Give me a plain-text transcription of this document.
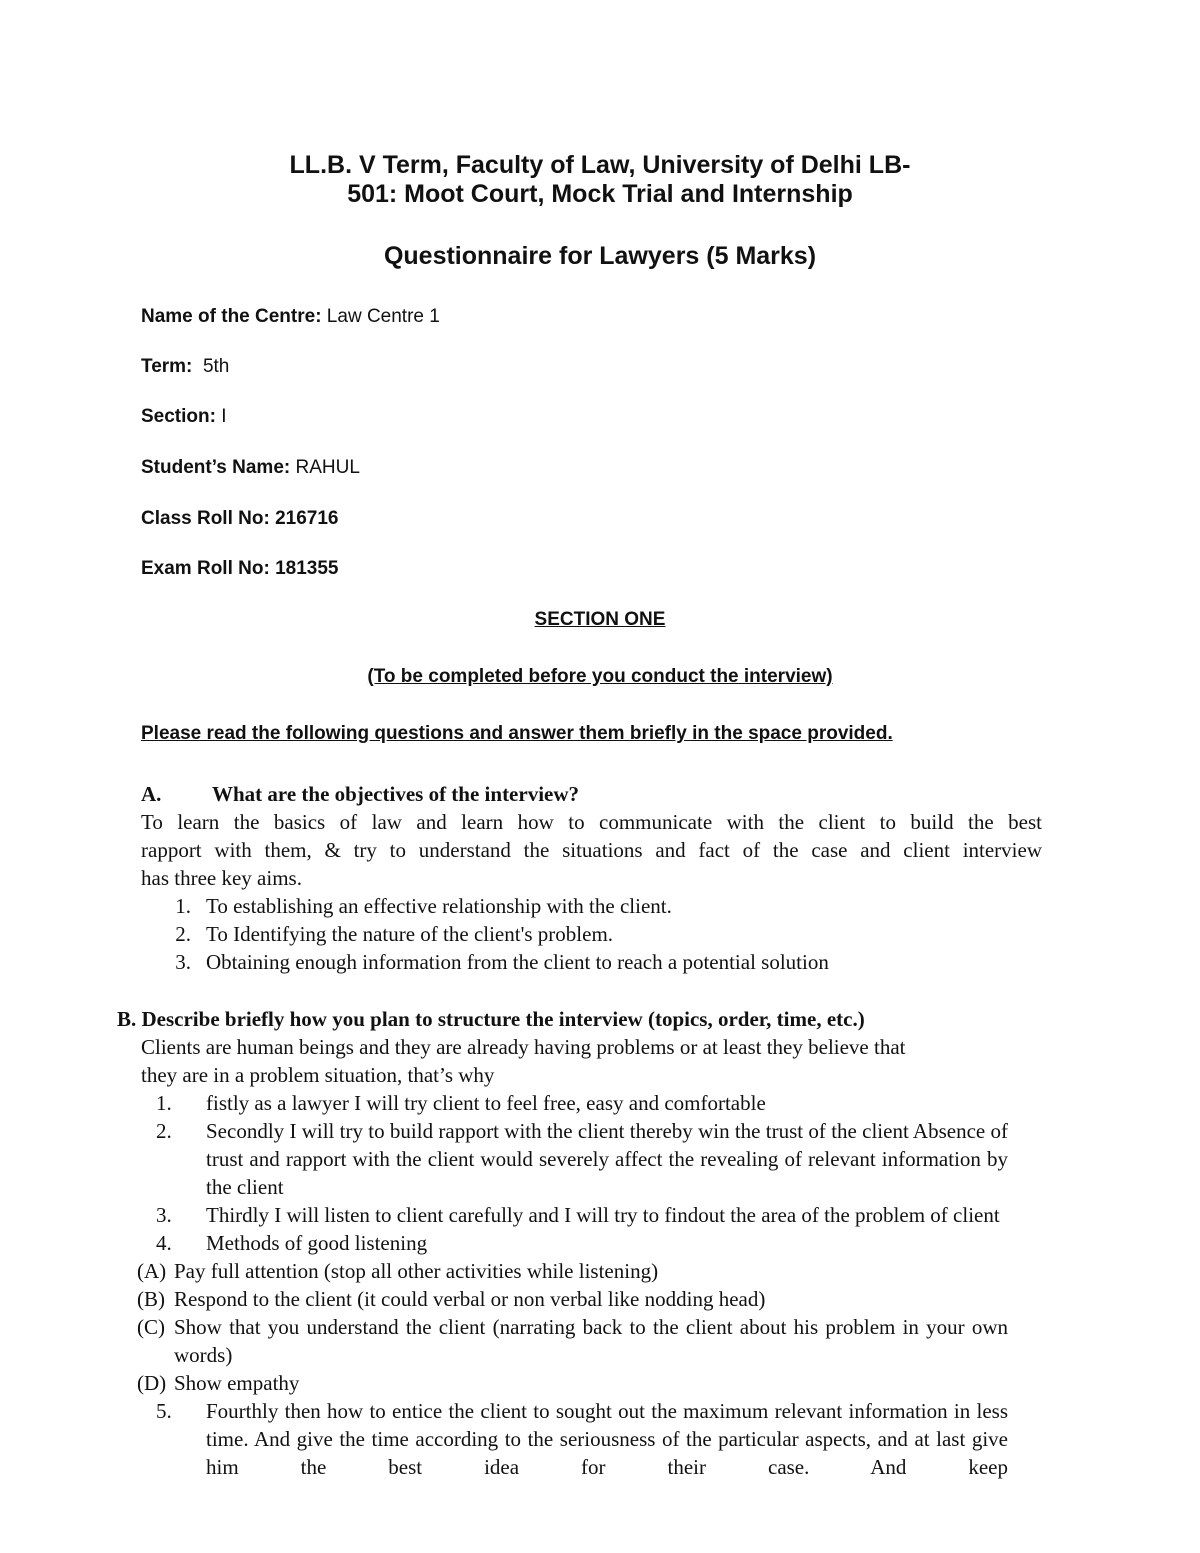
LL.B. V Term, Faculty of Law, University of Delhi LB-
501: Moot Court, Mock Trial and Internship
Questionnaire for Lawyers (5 Marks)
Name of the Centre: Law Centre 1
Term:  5th
Section: I
Student’s Name: RAHUL
Class Roll No: 216716
Exam Roll No: 181355
SECTION ONE
(To be completed before you conduct the interview)
Please read the following questions and answer them briefly in the space provided.
A. What are the objectives of the interview?
To learn the basics of law and learn how to communicate with the client to build the best
rapport with them, & try to understand the situations and fact of the case and client interview
has three key aims.
1. To establishing an effective relationship with the client.
2. To Identifying the nature of the client's problem.
3. Obtaining enough information from the client to reach a potential solution
B. Describe briefly how you plan to structure the interview (topics, order, time, etc.)
Clients are human beings and they are already having problems or at least they believe that
they are in a problem situation, that’s why
1.	fistly as a lawyer I will try client to feel free, easy and comfortable
2.	Secondly I will try to build rapport with the client thereby win the trust of the client Absence of trust and rapport with the client would severely affect the revealing of relevant information by the client
3.	Thirdly I will listen to client carefully and I will try to findout the area of the problem of client
4.	Methods of good listening
(A) Pay full attention (stop all other activities while listening)
(B) Respond to the client (it could verbal or non verbal like nodding head)
(C) Show that you understand the client (narrating back to the client about his problem in your own words)
(D) Show empathy
5.	Fourthly then how to entice the client to sought out the maximum relevant information in less time. And give the time according to the seriousness of the particular aspects, and at last give him the best idea for their case. And keep
